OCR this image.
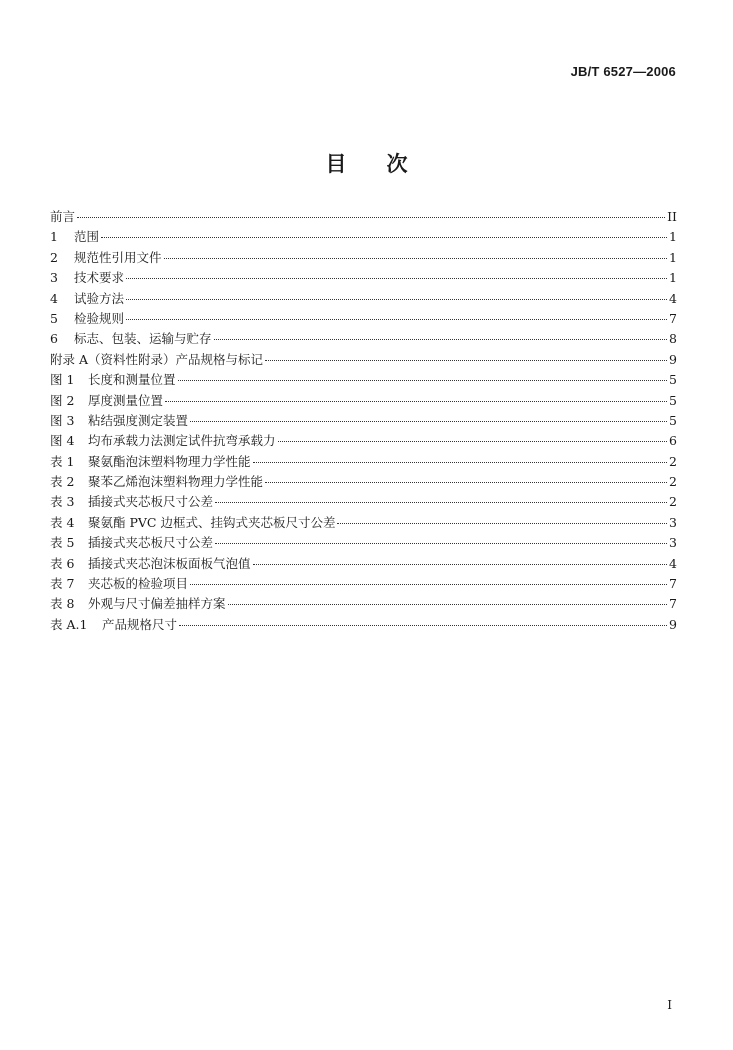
JB/T 6527—2006
目次
前言	II
1	范围	1
2	规范性引用文件	1
3	技术要求	1
4	试验方法	4
5	检验规则	7
6	标志、包装、运输与贮存	8
附录 A（资料性附录）产品规格与标记	9
图 1	长度和测量位置	5
图 2	厚度测量位置	5
图 3	粘结强度测定装置	5
图 4	均布承载力法测定试件抗弯承载力	6
表 1	聚氨酯泡沫塑料物理力学性能	2
表 2	聚苯乙烯泡沫塑料物理力学性能	2
表 3	插接式夹芯板尺寸公差	2
表 4	聚氨酯 PVC 边框式、挂钩式夹芯板尺寸公差	3
表 5	插接式夹芯板尺寸公差	3
表 6	插接式夹芯泡沫板面板气泡值	4
表 7	夹芯板的检验项目	7
表 8	外观与尺寸偏差抽样方案	7
表 A.1	产品规格尺寸	9
I
